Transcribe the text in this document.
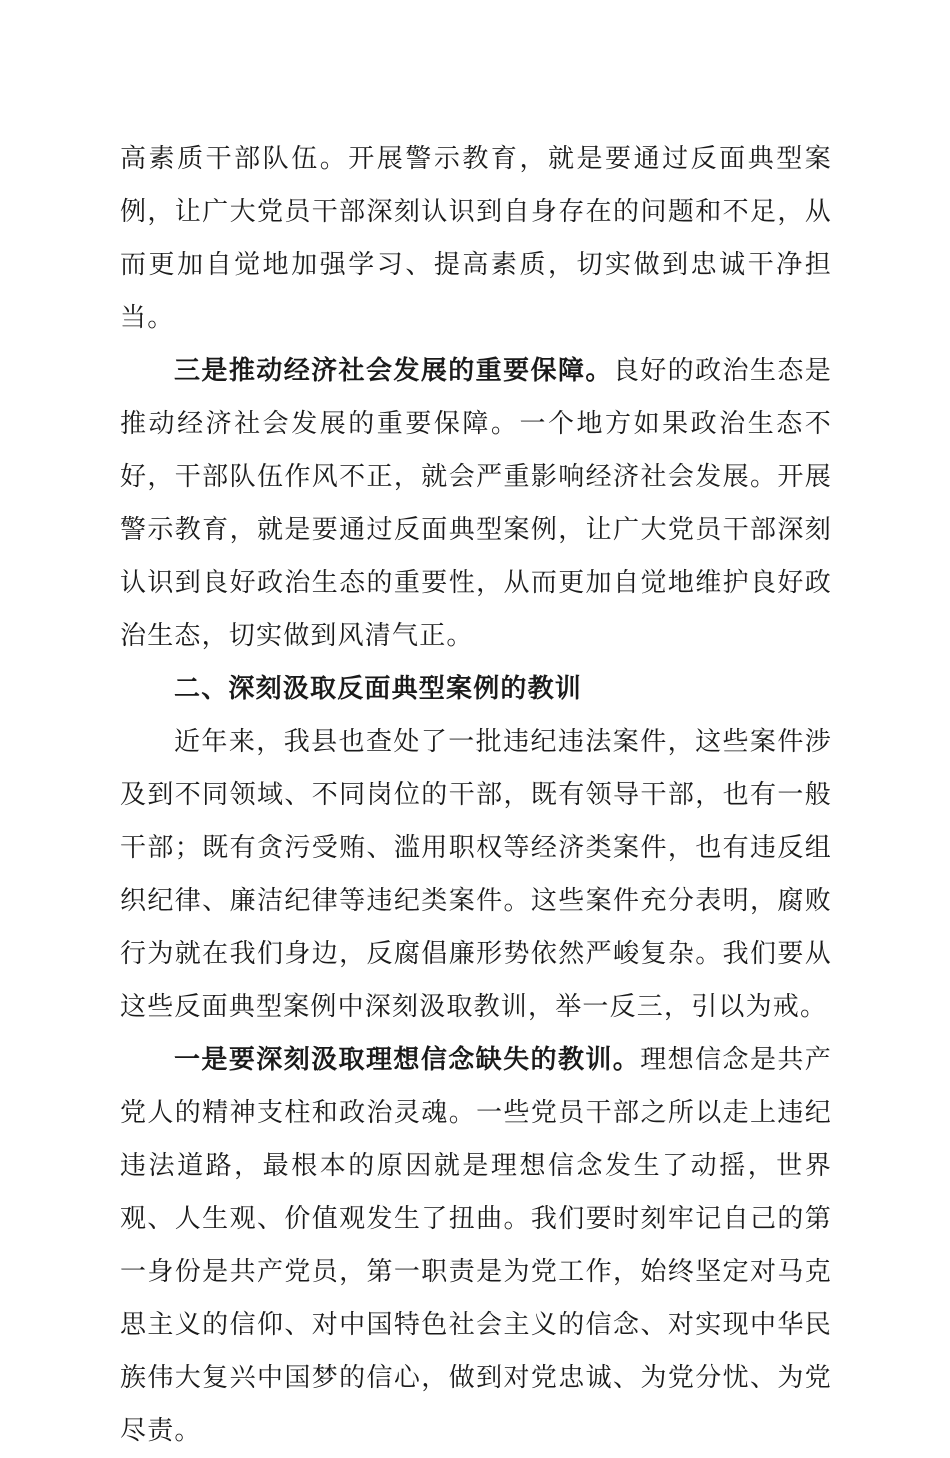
高素质干部队伍。开展警示教育，就是要通过反面典型案例，让广大党员干部深刻认识到自身存在的问题和不足，从而更加自觉地加强学习、提高素质，切实做到忠诚干净担当。

三是推动经济社会发展的重要保障。良好的政治生态是推动经济社会发展的重要保障。一个地方如果政治生态不好，干部队伍作风不正，就会严重影响经济社会发展。开展警示教育，就是要通过反面典型案例，让广大党员干部深刻认识到良好政治生态的重要性，从而更加自觉地维护良好政治生态，切实做到风清气正。

二、深刻汲取反面典型案例的教训

近年来，我县也查处了一批违纪违法案件，这些案件涉及到不同领域、不同岗位的干部，既有领导干部，也有一般干部；既有贪污受贿、滥用职权等经济类案件，也有违反组织纪律、廉洁纪律等违纪类案件。这些案件充分表明，腐败行为就在我们身边，反腐倡廉形势依然严峻复杂。我们要从这些反面典型案例中深刻汲取教训，举一反三，引以为戒。

一是要深刻汲取理想信念缺失的教训。理想信念是共产党人的精神支柱和政治灵魂。一些党员干部之所以走上违纪违法道路，最根本的原因就是理想信念发生了动摇，世界观、人生观、价值观发生了扭曲。我们要时刻牢记自己的第一身份是共产党员，第一职责是为党工作，始终坚定对马克思主义的信仰、对中国特色社会主义的信念、对实现中华民族伟大复兴中国梦的信心，做到对党忠诚、为党分忧、为党尽责。
